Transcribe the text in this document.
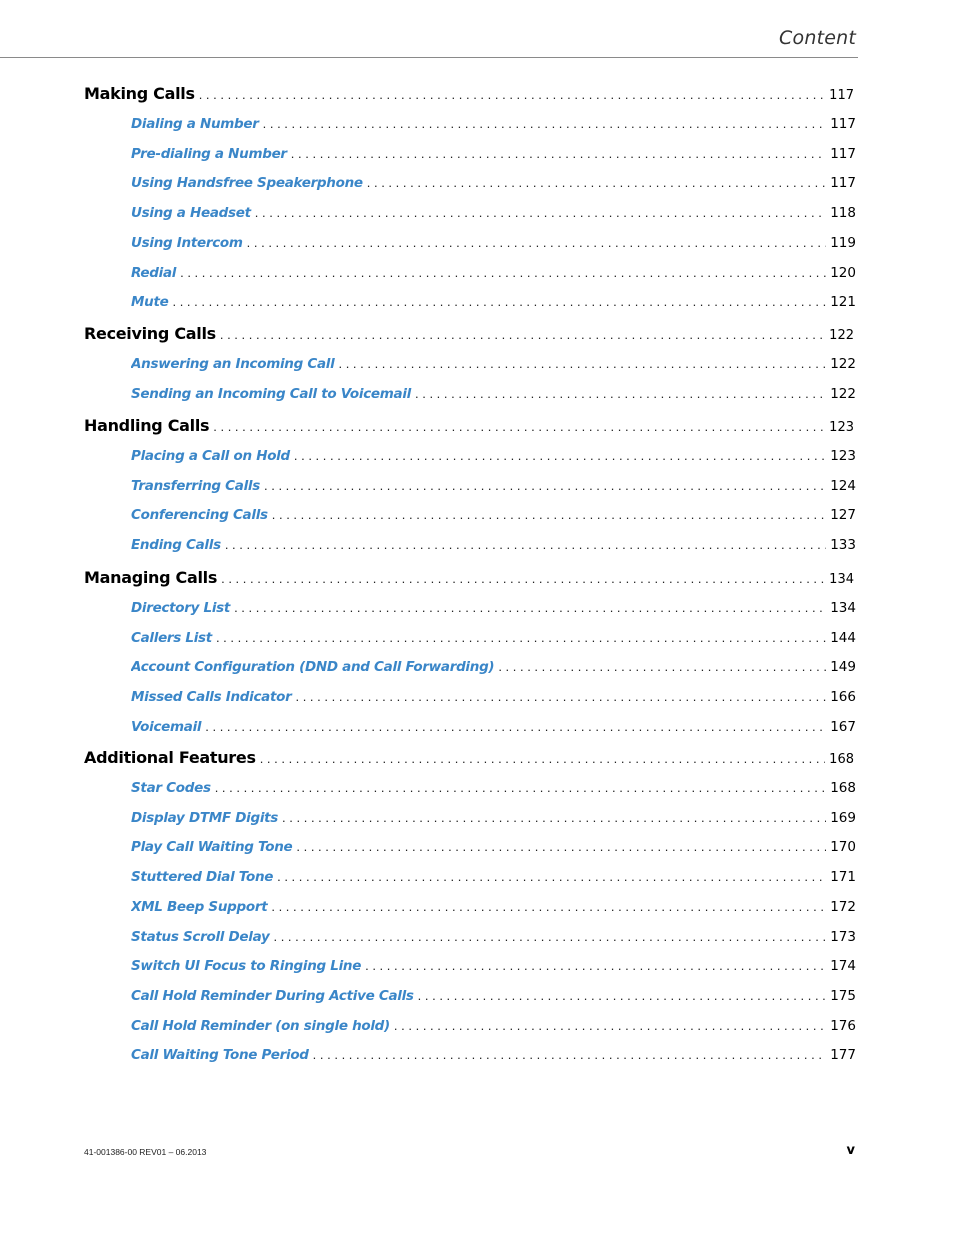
Content
Making Calls . . .	117
Dialing a Number . . .	117
Pre-dialing a Number . . .	117
Using Handsfree Speakerphone . . .	117
Using a Headset . . .	118
Using Intercom . . .	119
Redial . . .	120
Mute . . .	121
Receiving Calls . . .	122
Answering an Incoming Call . . .	122
Sending an Incoming Call to Voicemail . . .	122
Handling Calls . . .	123
Placing a Call on Hold . . .	123
Transferring Calls . . .	124
Conferencing Calls . . .	127
Ending Calls . . .	133
Managing Calls . . .	134
Directory List . . .	134
Callers List . . .	144
Account Configuration (DND and Call Forwarding) . . .	149
Missed Calls Indicator . . .	166
Voicemail . . .	167
Additional Features . . .	168
Star Codes . . .	168
Display DTMF Digits . . .	169
Play Call Waiting Tone . . .	170
Stuttered Dial Tone . . .	171
XML Beep Support . . .	172
Status Scroll Delay . . .	173
Switch UI Focus to Ringing Line . . .	174
Call Hold Reminder During Active Calls . . .	175
Call Hold Reminder (on single hold) . . .	176
Call Waiting Tone Period . . .	177
41-001386-00 REV01 – 06.2013	v
